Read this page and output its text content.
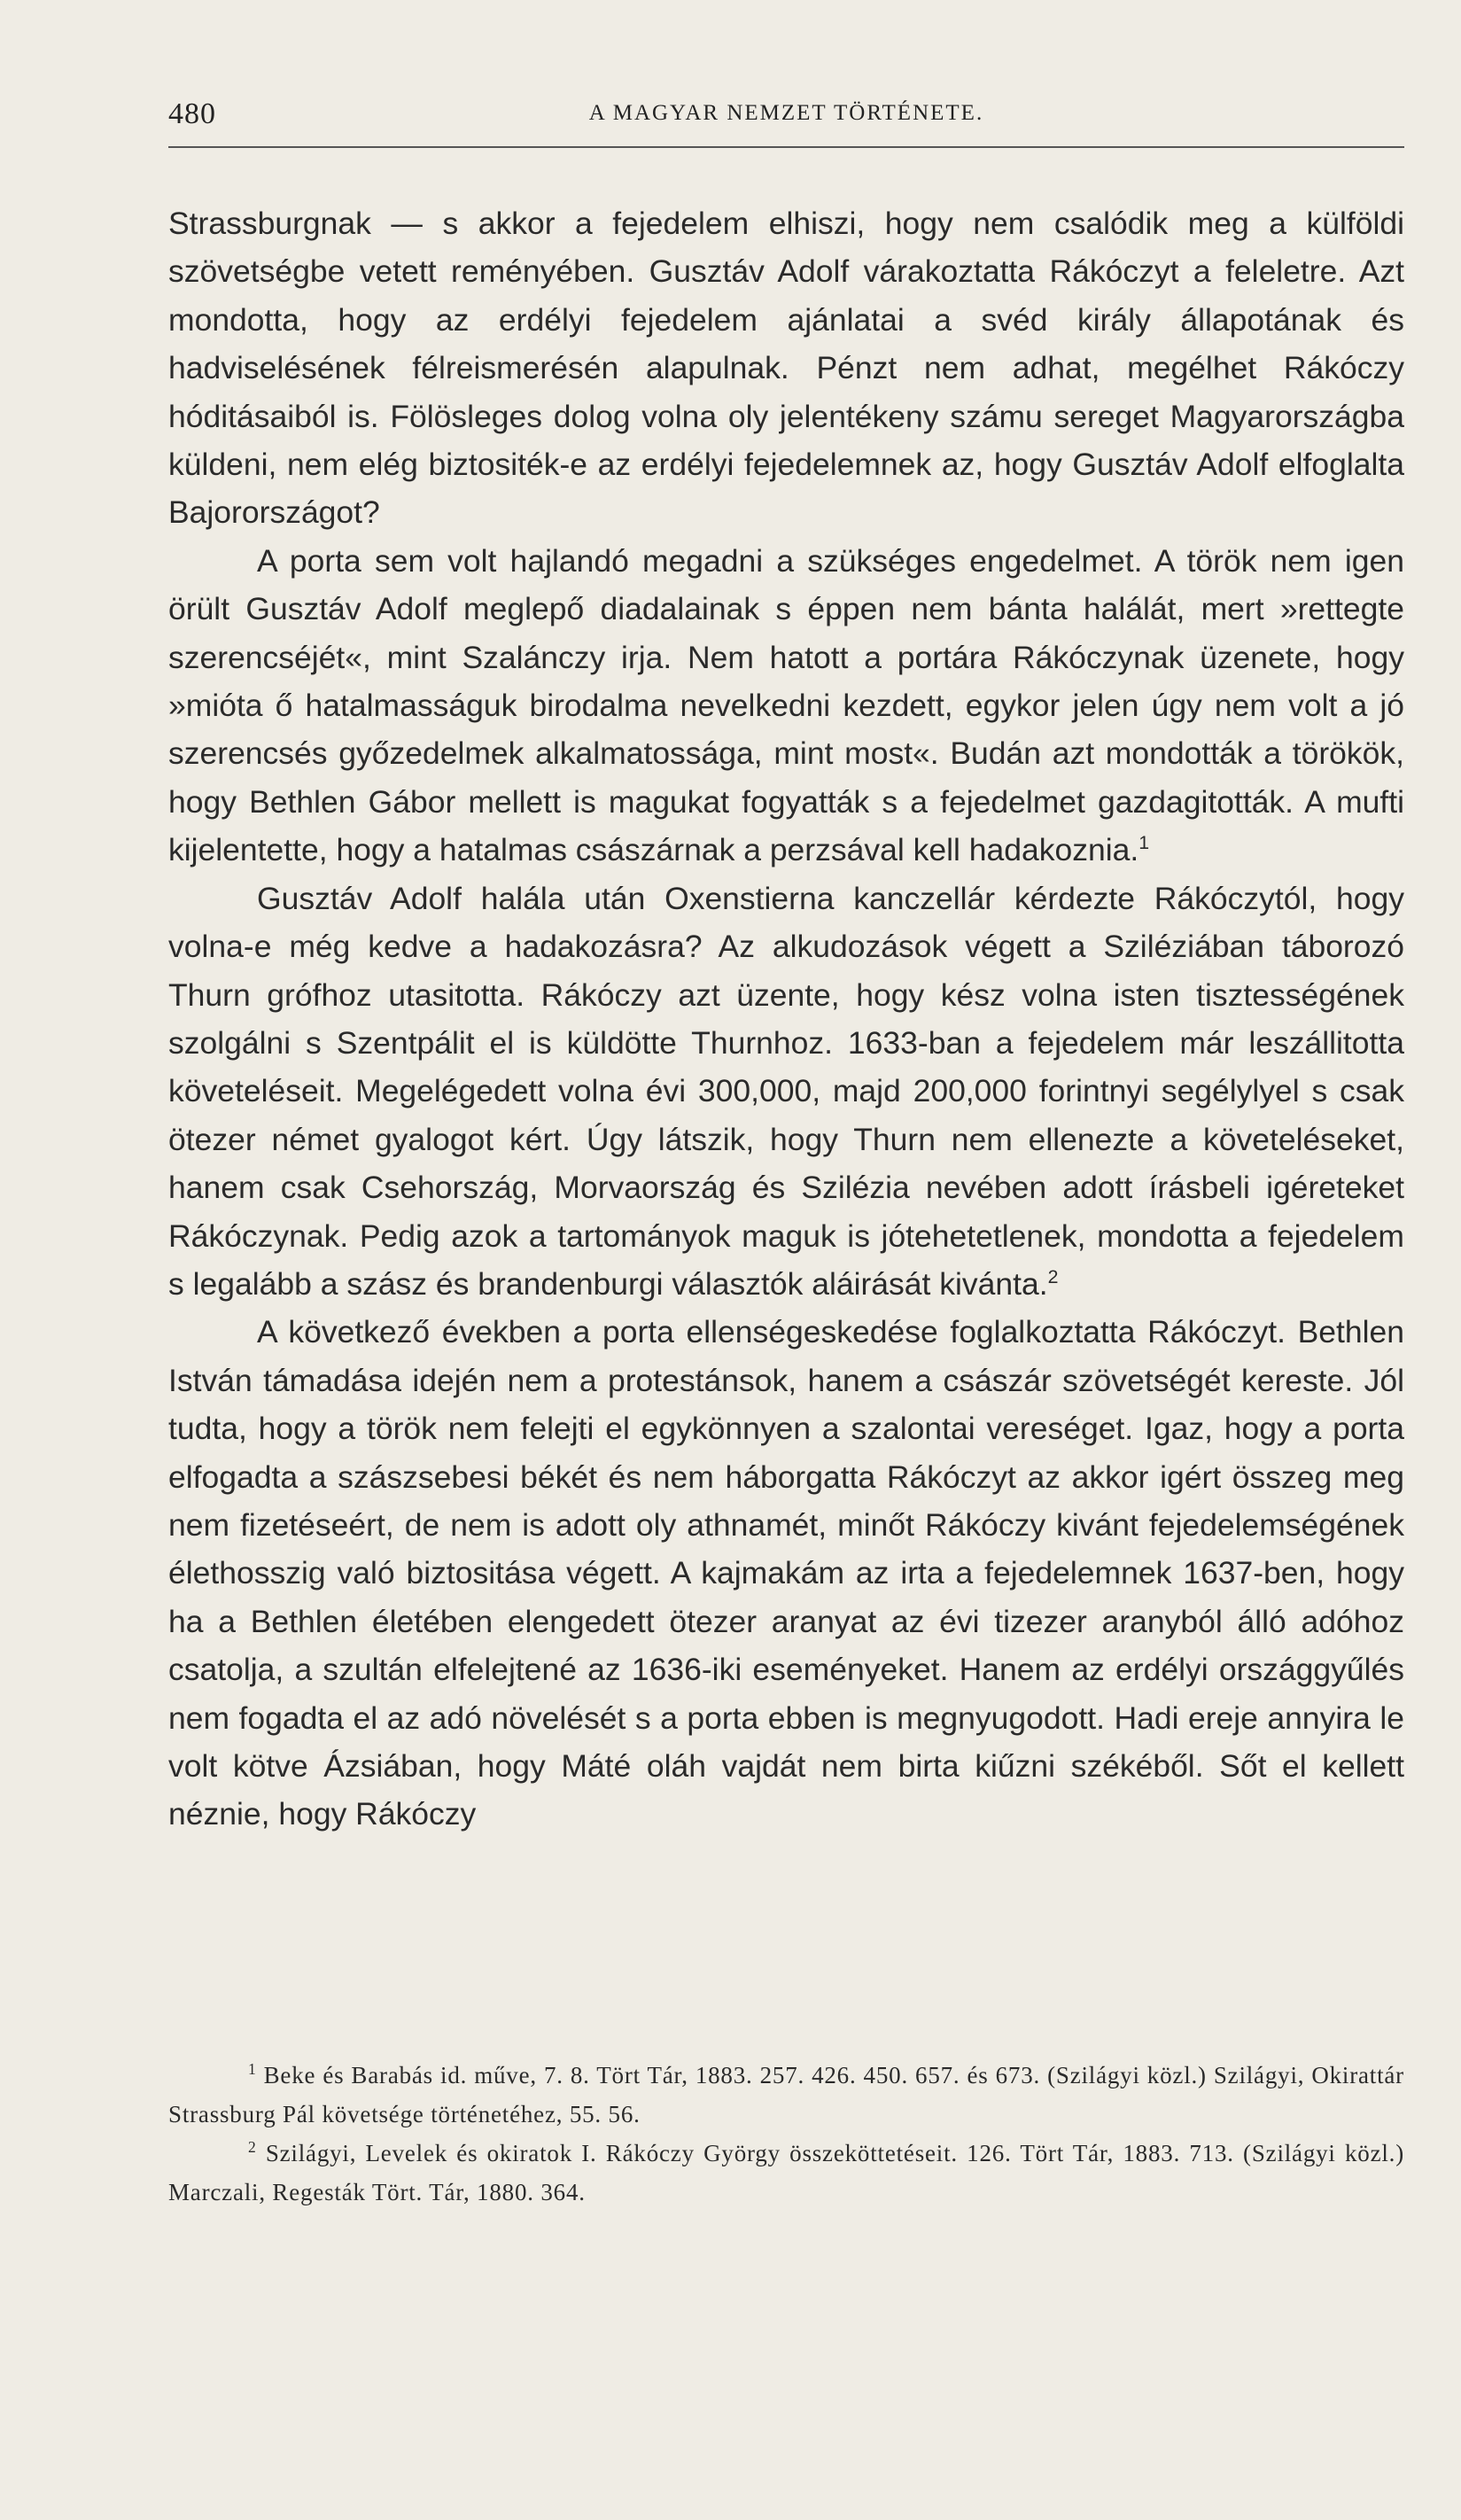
480	A MAGYAR NEMZET TÖRTÉNETE.

Strassburgnak — s akkor a fejedelem elhiszi, hogy nem csalódik meg a külföldi szövetségbe vetett reményében. Gusztáv Adolf várakoztatta Rákóczyt a feleletre. Azt mondotta, hogy az erdélyi fejedelem ajánlatai a svéd király állapotának és hadviselésének félreismerésén alapulnak. Pénzt nem adhat, megélhet Rákóczy hóditásaiból is. Fölösleges dolog volna oly jelentékeny számu sereget Magyarországba küldeni, nem elég biztositék-e az erdélyi fejedelemnek az, hogy Gusztáv Adolf elfoglalta Bajorországot?

A porta sem volt hajlandó megadni a szükséges engedelmet. A török nem igen örült Gusztáv Adolf meglepő diadalainak s éppen nem bánta halálát, mert »rettegte szerencséjét«, mint Szalánczy irja. Nem hatott a portára Rákóczynak üzenete, hogy »mióta ő hatalmasságuk birodalma nevelkedni kezdett, egykor jelen úgy nem volt a jó szerencsés győzedelmek alkalmatossága, mint most«. Budán azt mondották a törökök, hogy Bethlen Gábor mellett is magukat fogyatták s a fejedelmet gazdagitották. A mufti kijelentette, hogy a hatalmas császárnak a perzsával kell hadakoznia.$^1$

Gusztáv Adolf halála után Oxenstierna kanczellár kérdezte Rákóczytól, hogy volna-e még kedve a hadakozásra? Az alkudozások végett a Sziléziában táborozó Thurn grófhoz utasitotta. Rákóczy azt üzente, hogy kész volna isten tisztességének szolgálni s Szentpálit el is küldötte Thurnhoz. 1633-ban a fejedelem már leszállitotta követeléseit. Megelégedett volna évi 300,000, majd 200,000 forintnyi segélylyel s csak ötezer német gyalogot kért. Úgy látszik, hogy Thurn nem ellenezte a követeléseket, hanem csak Csehország, Morvaország és Szilézia nevében adott írásbeli igéreteket Rákóczynak. Pedig azok a tartományok maguk is jótehetetlenek, mondotta a fejedelem s legalább a szász és brandenburgi választók aláirását kivánta.$^2$

A következő években a porta ellenségeskedése foglalkoztatta Rákóczyt. Bethlen István támadása idején nem a protestánsok, hanem a császár szövetségét kereste. Jól tudta, hogy a török nem felejti el egykönnyen a szalontai vereséget. Igaz, hogy a porta elfogadta a szászsebesi békét és nem háborgatta Rákóczyt az akkor igért összeg meg nem fizetéseért, de nem is adott oly athnamét, minőt Rákóczy kivánt fejedelemségének élethosszig való biztositása végett. A kajmakám az irta a fejedelemnek 1637-ben, hogy ha a Bethlen életében elengedett ötezer aranyat az évi tizezer aranyból álló adóhoz csatolja, a szultán elfelejtené az 1636-iki eseményeket. Hanem az erdélyi országgyűlés nem fogadta el az adó növelését s a porta ebben is megnyugodott. Hadi ereje annyira le volt kötve Ázsiában, hogy Máté oláh vajdát nem birta kiűzni székéből. Sőt el kellett néznie, hogy Rákóczy

$^1$ Beke és Barabás id. műve, 7. 8. Tört Tár, 1883. 257. 426. 450. 657. és 673. (Szilágyi közl.) Szilágyi, Okirattár Strassburg Pál követsége történetéhez, 55. 56.

$^2$ Szilágyi, Levelek és okiratok I. Rákóczy György összeköttetéseit. 126. Tört Tár, 1883. 713. (Szilágyi közl.) Marczali, Regesták Tört. Tár, 1880. 364.
